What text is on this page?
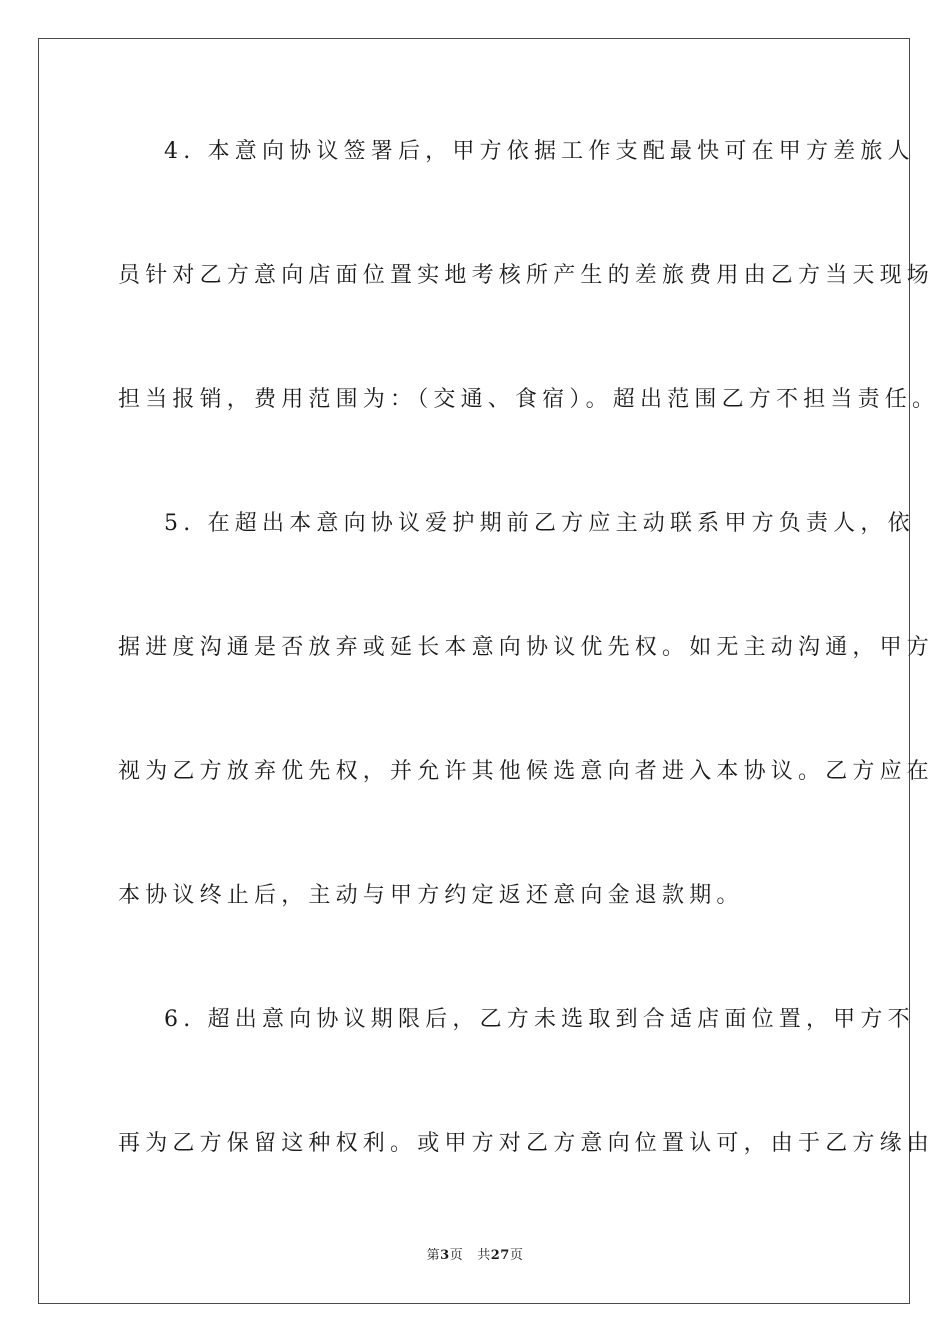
4. 本意向协议签署后，甲方依据工作支配最快可在甲方差旅人
员针对乙方意向店面位置实地考核所产生的差旅费用由乙方当天现场
担当报销，费用范围为：（交通、食宿）。超出范围乙方不担当责任。
5. 在超出本意向协议爱护期前乙方应主动联系甲方负责人，依
据进度沟通是否放弃或延长本意向协议优先权。如无主动沟通，甲方
视为乙方放弃优先权，并允许其他候选意向者进入本协议。乙方应在
本协议终止后，主动与甲方约定返还意向金退款期。
6. 超出意向协议期限后，乙方未选取到合适店面位置，甲方不
再为乙方保留这种权利。或甲方对乙方意向位置认可，由于乙方缘由
第3页 共27页
